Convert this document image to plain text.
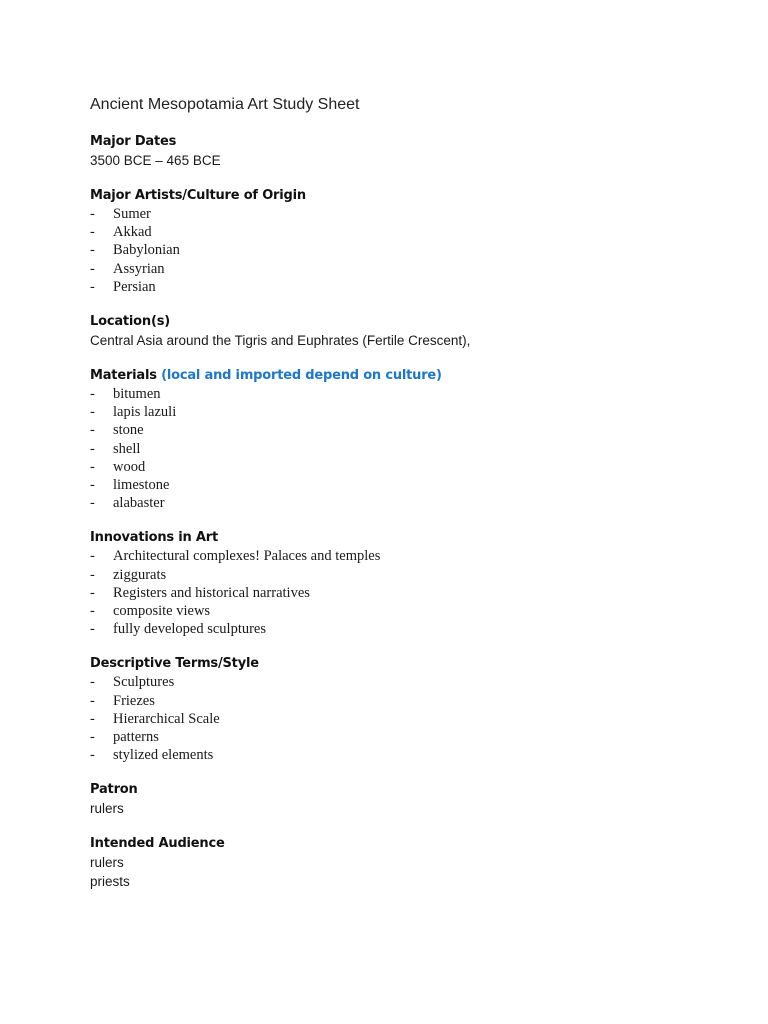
Ancient Mesopotamia Art Study Sheet

Major Dates

3500 BCE – 465 BCE

Major Artists/Culture of Origin

- Sumer
- Akkad
- Babylonian
- Assyrian
- Persian

Location(s)

Central Asia around the Tigris and Euphrates (Fertile Crescent),

Materials (local and imported depend on culture)

- bitumen
- lapis lazuli
- stone
- shell
- wood
- limestone
- alabaster

Innovations in Art

- Architectural complexes! Palaces and temples
- ziggurats
- Registers and historical narratives
- composite views
- fully developed sculptures

Descriptive Terms/Style

- Sculptures
- Friezes
- Hierarchical Scale
- patterns
- stylized elements

Patron

rulers

Intended Audience

rulers

priests
